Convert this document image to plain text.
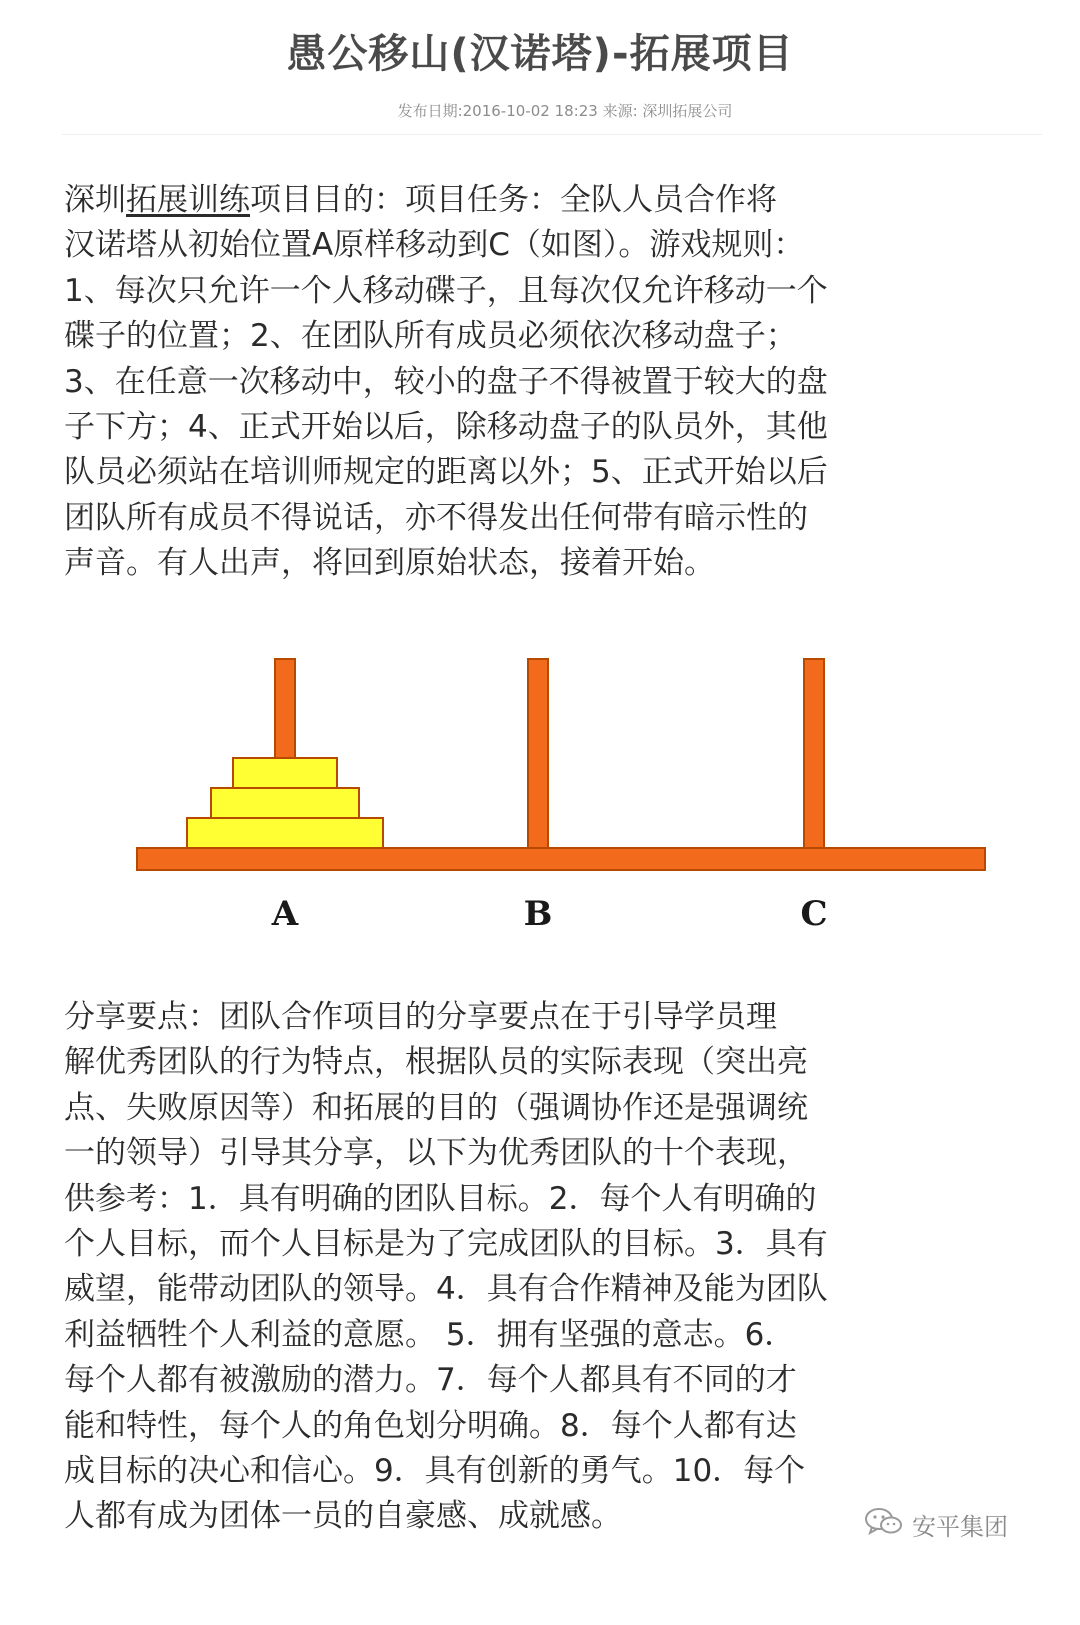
愚公移山(汉诺塔)-拓展项目

发布日期:2016-10-02 18:23 来源: 深圳拓展公司

深圳拓展训练项目目的：项目任务：全队人员合作将
汉诺塔从初始位置A原样移动到C（如图）。游戏规则：
1、每次只允许一个人移动碟子，且每次仅允许移动一个
碟子的位置；2、在团队所有成员必须依次移动盘子；
3、在任意一次移动中，较小的盘子不得被置于较大的盘
子下方；4、正式开始以后，除移动盘子的队员外，其他
队员必须站在培训师规定的距离以外；5、正式开始以后
团队所有成员不得说话，亦不得发出任何带有暗示性的
声音。有人出声，将回到原始状态，接着开始。

A	B	C

分享要点：团队合作项目的分享要点在于引导学员理
解优秀团队的行为特点，根据队员的实际表现（突出亮
点、失败原因等）和拓展的目的（强调协作还是强调统
一的领导）引导其分享，以下为优秀团队的十个表现，
供参考：1．具有明确的团队目标。2．每个人有明确的
个人目标，而个人目标是为了完成团队的目标。3．具有
威望，能带动团队的领导。4．具有合作精神及能为团队
利益牺牲个人利益的意愿。 5．拥有坚强的意志。6．
每个人都有被激励的潜力。7．每个人都具有不同的才
能和特性，每个人的角色划分明确。8．每个人都有达
成目标的决心和信心。9．具有创新的勇气。10．每个
人都有成为团体一员的自豪感、成就感。	安平集团
